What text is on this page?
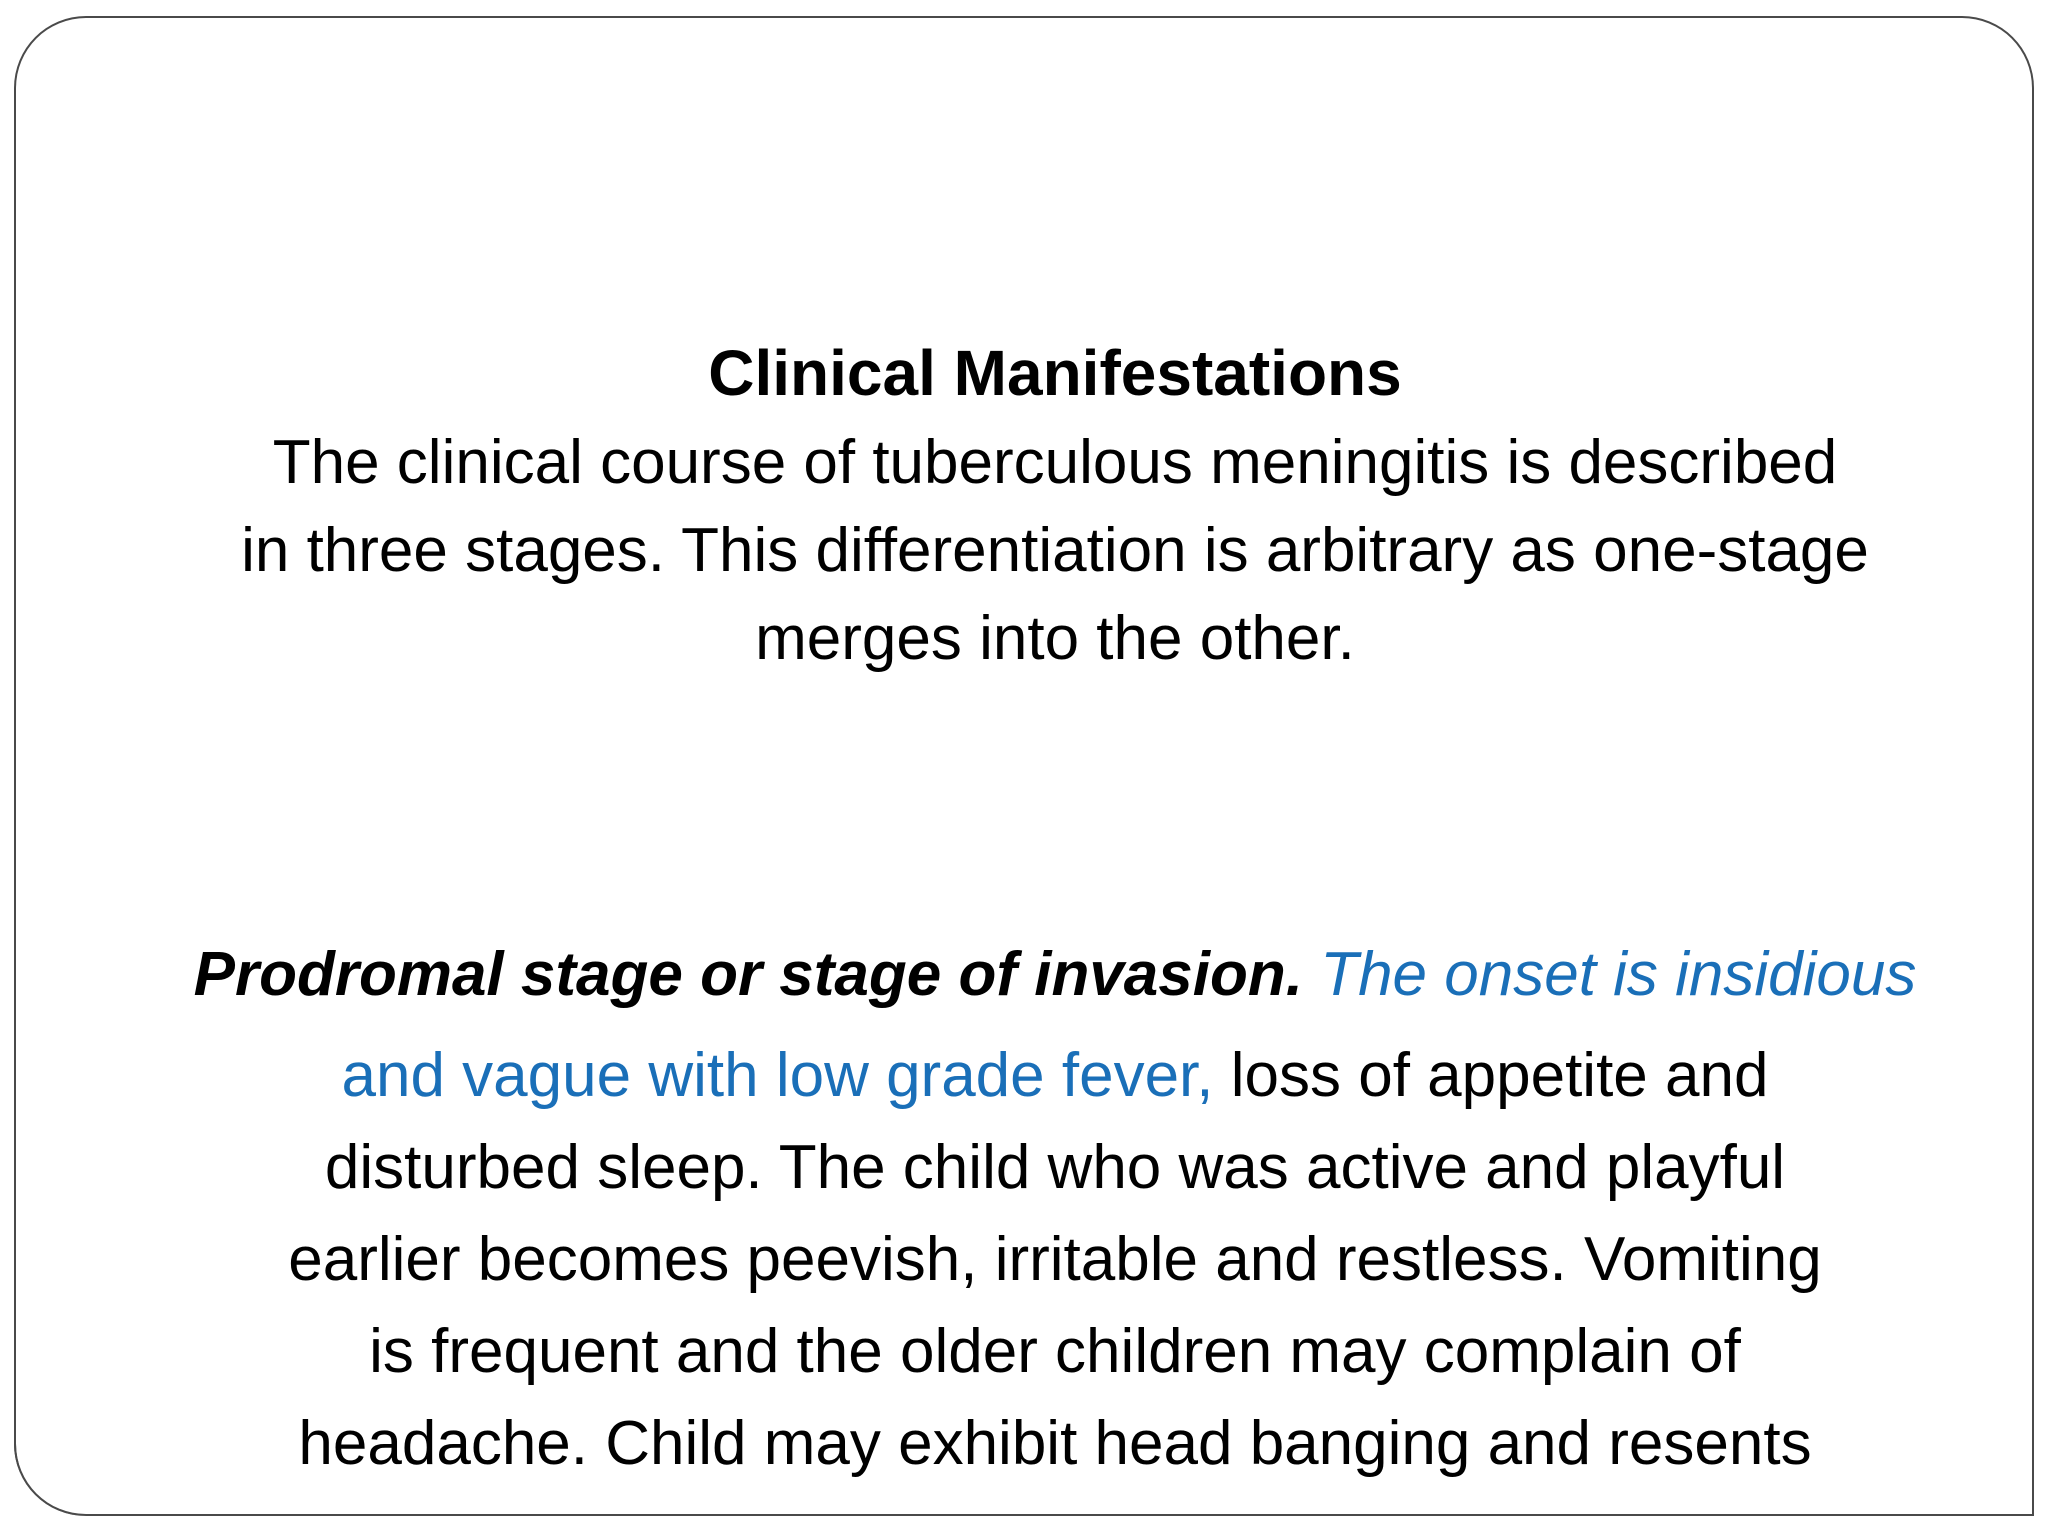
Clinical Manifestations

The clinical course of tuberculous meningitis is described

in three stages. This differentiation is arbitrary as one-stage

merges into the other.

Prodromal stage or stage of invasion. The onset is insidious

and vague with low grade fever, loss of appetite and

disturbed sleep. The child who was active and playful

earlier becomes peevish, irritable and restless. Vomiting

is frequent and the older children may complain of

headache. Child may exhibit head banging and resents
